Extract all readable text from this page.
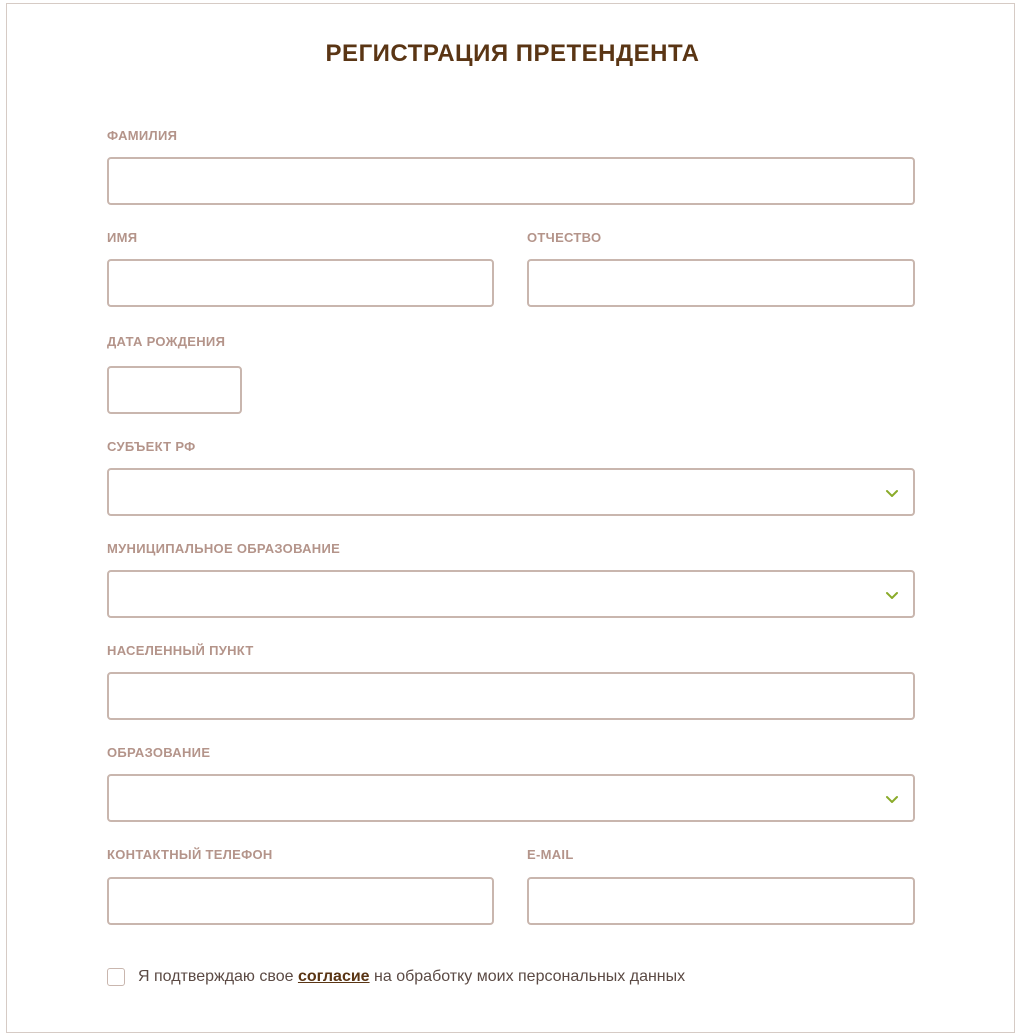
РЕГИСТРАЦИЯ ПРЕТЕНДЕНТА
ФАМИЛИЯ
ИМЯ	ОТЧЕСТВО
ДАТА РОЖДЕНИЯ
СУБЪЕКТ РФ
МУНИЦИПАЛЬНОЕ ОБРАЗОВАНИЕ
НАСЕЛЕННЫЙ ПУНКТ
ОБРАЗОВАНИЕ
КОНТАКТНЫЙ ТЕЛЕФОН	E-MAIL
Я подтверждаю свое согласие на обработку моих персональных данных
